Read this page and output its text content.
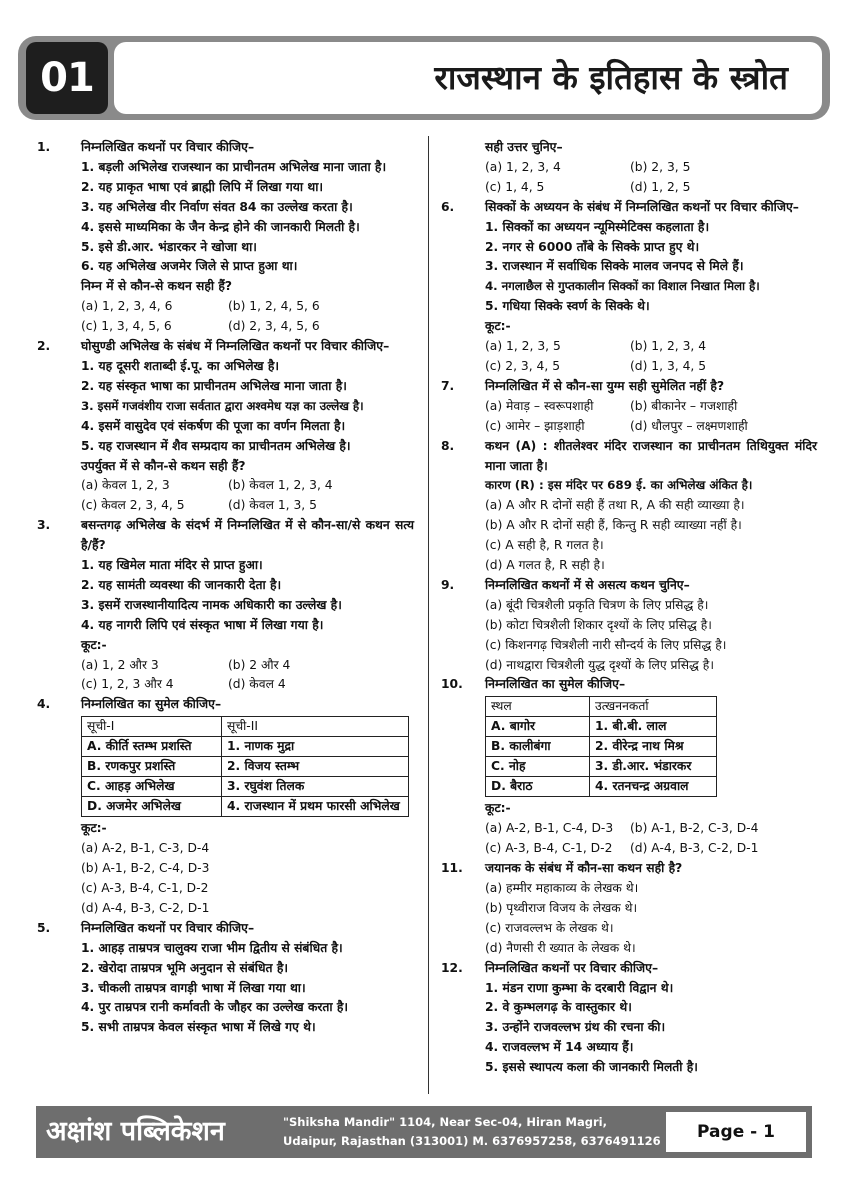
01	राजस्थान के इतिहास के स्त्रोत
1.	निम्नलिखित कथनों पर विचार कीजिए–
1. बड़ली अभिलेख राजस्थान का प्राचीनतम अभिलेख माना जाता है।
2. यह प्राकृत भाषा एवं ब्राह्मी लिपि में लिखा गया था।
3. यह अभिलेख वीर निर्वाण संवत 84 का उल्लेख करता है।
4. इससे माध्यमिका के जैन केन्द्र होने की जानकारी मिलती है।
5. इसे डी.आर. भंडारकर ने खोजा था।
6. यह अभिलेख अजमेर जिले से प्राप्त हुआ था।
निम्न में से कौन-से कथन सही हैं?
(a) 1, 2, 3, 4, 6	(b) 1, 2, 4, 5, 6
(c) 1, 3, 4, 5, 6	(d) 2, 3, 4, 5, 6
2.	घोसुण्डी अभिलेख के संबंध में निम्नलिखित कथनों पर विचार कीजिए–
1. यह दूसरी शताब्दी ई.पू. का अभिलेख है।
2. यह संस्कृत भाषा का प्राचीनतम अभिलेख माना जाता है।
3. इसमें गजवंशीय राजा सर्वतात द्वारा अश्वमेध यज्ञ का उल्लेख है।
4. इसमें वासुदेव एवं संकर्षण की पूजा का वर्णन मिलता है।
5. यह राजस्थान में शैव सम्प्रदाय का प्राचीनतम अभिलेख है।
उपर्युक्त में से कौन-से कथन सही हैं?
(a) केवल 1, 2, 3	(b) केवल 1, 2, 3, 4
(c) केवल 2, 3, 4, 5	(d) केवल 1, 3, 5
3.	बसन्तगढ़ अभिलेख के संदर्भ में निम्नलिखित में से कौन-सा/से कथन सत्य है/हैं?
1. यह खिमेल माता मंदिर से प्राप्त हुआ।
2. यह सामंती व्यवस्था की जानकारी देता है।
3. इसमें राजस्थानीयादित्य नामक अधिकारी का उल्लेख है।
4. यह नागरी लिपि एवं संस्कृत भाषा में लिखा गया है।
कूट:-
(a) 1, 2 और 3	(b) 2 और 4
(c) 1, 2, 3 और 4	(d) केवल 4
4.	निम्नलिखित का सुमेल कीजिए–
सूची-I	सूची-II
A. कीर्ति स्तम्भ प्रशस्ति	1. नाणक मुद्रा
B. रणकपुर प्रशस्ति	2. विजय स्तम्भ
C. आहड़ अभिलेख	3. रघुवंश तिलक
D. अजमेर अभिलेख	4. राजस्थान में प्रथम फारसी अभिलेख
कूट:-
(a) A-2, B-1, C-3, D-4
(b) A-1, B-2, C-4, D-3
(c) A-3, B-4, C-1, D-2
(d) A-4, B-3, C-2, D-1
5.	निम्नलिखित कथनों पर विचार कीजिए–
1. आहड़ ताम्रपत्र चालुक्य राजा भीम द्वितीय से संबंधित है।
2. खेरोदा ताम्रपत्र भूमि अनुदान से संबंधित है।
3. चीकली ताम्रपत्र वागड़ी भाषा में लिखा गया था।
4. पुर ताम्रपत्र रानी कर्मावती के जौहर का उल्लेख करता है।
5. सभी ताम्रपत्र केवल संस्कृत भाषा में लिखे गए थे।
सही उत्तर चुनिए–
(a) 1, 2, 3, 4	(b) 2, 3, 5
(c) 1, 4, 5	(d) 1, 2, 5
6.	सिक्कों के अध्ययन के संबंध में निम्नलिखित कथनों पर विचार कीजिए–
1. सिक्कों का अध्ययन न्यूमिस्मेटिक्स कहलाता है।
2. नगर से 6000 ताँबे के सिक्के प्राप्त हुए थे।
3. राजस्थान में सर्वाधिक सिक्के मालव जनपद से मिले हैं।
4. नगलाछैल से गुप्तकालीन सिक्कों का विशाल निखात मिला है।
5. गधिया सिक्के स्वर्ण के सिक्के थे।
कूट:-
(a) 1, 2, 3, 5	(b) 1, 2, 3, 4
(c) 2, 3, 4, 5	(d) 1, 3, 4, 5
7.	निम्नलिखित में से कौन-सा युग्म सही सुमेलित नहीं है?
(a) मेवाड़ – स्वरूपशाही	(b) बीकानेर – गजशाही
(c) आमेर – झाड़शाही	(d) धौलपुर – लक्ष्मणशाही
8.	कथन (A) : शीतलेश्वर मंदिर राजस्थान का प्राचीनतम तिथियुक्त मंदिर माना जाता है।
कारण (R) : इस मंदिर पर 689 ई. का अभिलेख अंकित है।
(a) A और R दोनों सही हैं तथा R, A की सही व्याख्या है।
(b) A और R दोनों सही हैं, किन्तु R सही व्याख्या नहीं है।
(c) A सही है, R गलत है।
(d) A गलत है, R सही है।
9.	निम्नलिखित कथनों में से असत्य कथन चुनिए–
(a) बूंदी चित्रशैली प्रकृति चित्रण के लिए प्रसिद्ध है।
(b) कोटा चित्रशैली शिकार दृश्यों के लिए प्रसिद्ध है।
(c) किशनगढ़ चित्रशैली नारी सौन्दर्य के लिए प्रसिद्ध है।
(d) नाथद्वारा चित्रशैली युद्ध दृश्यों के लिए प्रसिद्ध है।
10. निम्नलिखित का सुमेल कीजिए–
स्थल	उत्खननकर्ता
A. बागोर	1. बी.बी. लाल
B. कालीबंगा	2. वीरेन्द्र नाथ मिश्र
C. नोह	3. डी.आर. भंडारकर
D. बैराठ	4. रतनचन्द्र अग्रवाल
कूट:-
(a) A-2, B-1, C-4, D-3	(b) A-1, B-2, C-3, D-4
(c) A-3, B-4, C-1, D-2	(d) A-4, B-3, C-2, D-1
11. जयानक के संबंध में कौन-सा कथन सही है?
(a) हम्मीर महाकाव्य के लेखक थे।
(b) पृथ्वीराज विजय के लेखक थे।
(c) राजवल्लभ के लेखक थे।
(d) नैणसी री ख्यात के लेखक थे।
12. निम्नलिखित कथनों पर विचार कीजिए–
1. मंडन राणा कुम्भा के दरबारी विद्वान थे।
2. वे कुम्भलगढ़ के वास्तुकार थे।
3. उन्होंने राजवल्लभ ग्रंथ की रचना की।
4. राजवल्लभ में 14 अध्याय हैं।
5. इससे स्थापत्य कला की जानकारी मिलती है।
अक्षांश पब्लिकेशन	"Shiksha Mandir" 1104, Near Sec-04, Hiran Magri,
Udaipur, Rajasthan (313001) M. 6376957258, 6376491126	Page - 1
